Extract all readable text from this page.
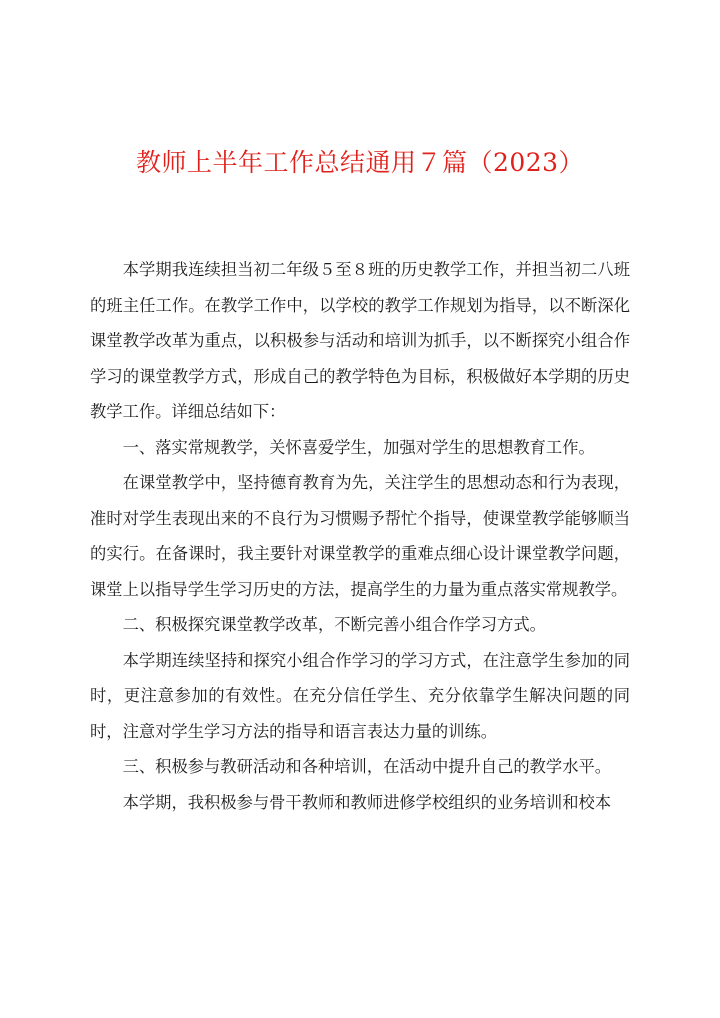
教师上半年工作总结通用７篇（2023）

本学期我连续担当初二年级５至８班的历史教学工作，并担当初二八班的班主任工作。在教学工作中，以学校的教学工作规划为指导，以不断深化课堂教学改革为重点，以积极参与活动和培训为抓手，以不断探究小组合作学习的课堂教学方式，形成自己的教学特色为目标，积极做好本学期的历史教学工作。详细总结如下：

一、落实常规教学，关怀喜爱学生，加强对学生的思想教育工作。

在课堂教学中，坚持德育教育为先，关注学生的思想动态和行为表现，准时对学生表现出来的不良行为习惯赐予帮忙个指导，使课堂教学能够顺当的实行。在备课时，我主要针对课堂教学的重难点细心设计课堂教学问题，课堂上以指导学生学习历史的方法，提高学生的力量为重点落实常规教学。

二、积极探究课堂教学改革，不断完善小组合作学习方式。

本学期连续坚持和探究小组合作学习的学习方式，在注意学生参加的同时，更注意参加的有效性。在充分信任学生、充分依靠学生解决问题的同时，注意对学生学习方法的指导和语言表达力量的训练。

三、积极参与教研活动和各种培训，在活动中提升自己的教学水平。

本学期，我积极参与骨干教师和教师进修学校组织的业务培训和校本
